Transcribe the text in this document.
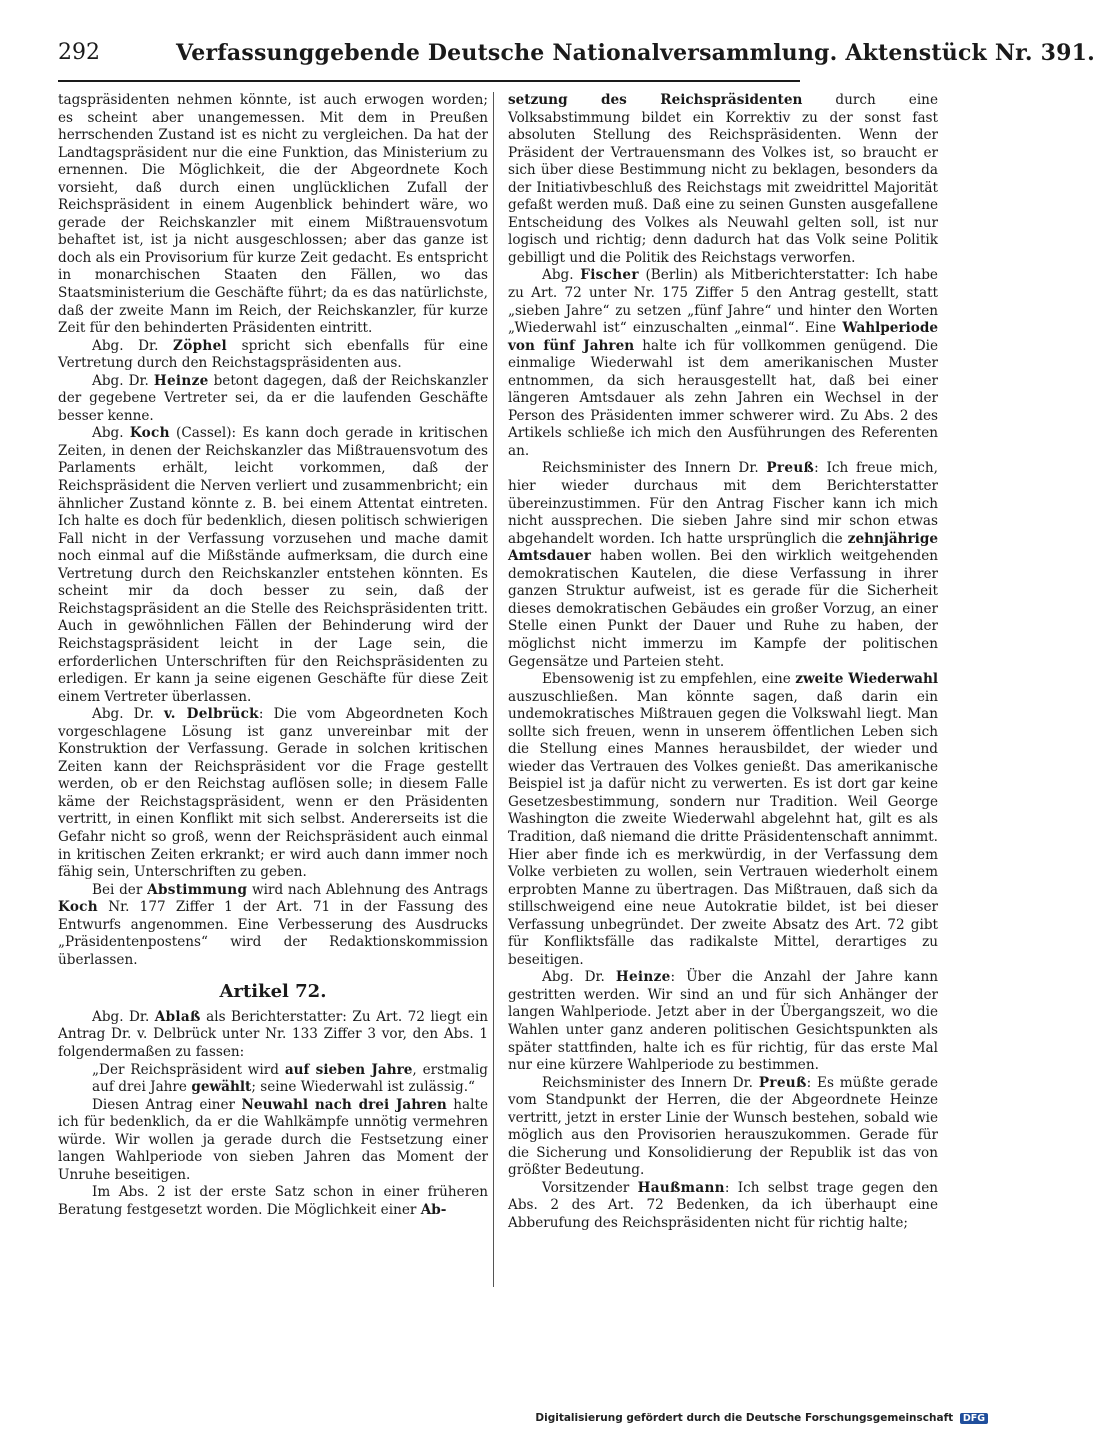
292	Verfassunggebende Deutsche Nationalversammlung. Aktenstück Nr. 391.

tagspräsidenten nehmen könnte, ist auch erwogen worden; es scheint aber unangemessen. Mit dem in Preußen herrschenden Zustand ist es nicht zu vergleichen. Da hat der Landtagspräsident nur die eine Funktion, das Ministerium zu ernennen. Die Möglichkeit, die der Abgeordnete Koch vorsieht, daß durch einen unglücklichen Zufall der Reichspräsident in einem Augenblick behindert wäre, wo gerade der Reichskanzler mit einem Mißtrauensvotum behaftet ist, ist ja nicht ausgeschlossen; aber das ganze ist doch als ein Provisorium für kurze Zeit gedacht. Es entspricht in monarchischen Staaten den Fällen, wo das Staatsministerium die Geschäfte führt; da es das natürlichste, daß der zweite Mann im Reich, der Reichskanzler, für kurze Zeit für den behinderten Präsidenten eintritt.

Abg. Dr. Zöphel spricht sich ebenfalls für eine Vertretung durch den Reichstagspräsidenten aus.

Abg. Dr. Heinze betont dagegen, daß der Reichskanzler der gegebene Vertreter sei, da er die laufenden Geschäfte besser kenne.

Abg. Koch (Cassel): Es kann doch gerade in kritischen Zeiten, in denen der Reichskanzler das Mißtrauensvotum des Parlaments erhält, leicht vorkommen, daß der Reichspräsident die Nerven verliert und zusammenbricht; ein ähnlicher Zustand könnte z. B. bei einem Attentat eintreten. Ich halte es doch für bedenklich, diesen politisch schwierigen Fall nicht in der Verfassung vorzusehen und mache damit noch einmal auf die Mißstände aufmerksam, die durch eine Vertretung durch den Reichskanzler entstehen könnten. Es scheint mir da doch besser zu sein, daß der Reichstagspräsident an die Stelle des Reichspräsidenten tritt. Auch in gewöhnlichen Fällen der Behinderung wird der Reichstagspräsident leicht in der Lage sein, die erforderlichen Unterschriften für den Reichspräsidenten zu erledigen. Er kann ja seine eigenen Geschäfte für diese Zeit einem Vertreter überlassen.

Abg. Dr. v. Delbrück: Die vom Abgeordneten Koch vorgeschlagene Lösung ist ganz unvereinbar mit der Konstruktion der Verfassung. Gerade in solchen kritischen Zeiten kann der Reichspräsident vor die Frage gestellt werden, ob er den Reichstag auflösen solle; in diesem Falle käme der Reichstagspräsident, wenn er den Präsidenten vertritt, in einen Konflikt mit sich selbst. Andererseits ist die Gefahr nicht so groß, wenn der Reichspräsident auch einmal in kritischen Zeiten erkrankt; er wird auch dann immer noch fähig sein, Unterschriften zu geben.

Bei der Abstimmung wird nach Ablehnung des Antrags Koch Nr. 177 Ziffer 1 der Art. 71 in der Fassung des Entwurfs angenommen. Eine Verbesserung des Ausdrucks „Präsidentenpostens“ wird der Redaktionskommission überlassen.

Artikel 72.

Abg. Dr. Ablaß als Berichterstatter: Zu Art. 72 liegt ein Antrag Dr. v. Delbrück unter Nr. 133 Ziffer 3 vor, den Abs. 1 folgendermaßen zu fassen:

„Der Reichspräsident wird auf sieben Jahre, erstmalig auf drei Jahre gewählt; seine Wiederwahl ist zulässig.“

Diesen Antrag einer Neuwahl nach drei Jahren halte ich für bedenklich, da er die Wahlkämpfe unnötig vermehren würde. Wir wollen ja gerade durch die Festsetzung einer langen Wahlperiode von sieben Jahren das Moment der Unruhe beseitigen.

Im Abs. 2 ist der erste Satz schon in einer früheren Beratung festgesetzt worden. Die Möglichkeit einer Ab-

setzung des Reichspräsidenten durch eine Volksabstimmung bildet ein Korrektiv zu der sonst fast absoluten Stellung des Reichspräsidenten. Wenn der Präsident der Vertrauensmann des Volkes ist, so braucht er sich über diese Bestimmung nicht zu beklagen, besonders da der Initiativbeschluß des Reichstags mit zweidrittel Majorität gefaßt werden muß. Daß eine zu seinen Gunsten ausgefallene Entscheidung des Volkes als Neuwahl gelten soll, ist nur logisch und richtig; denn dadurch hat das Volk seine Politik gebilligt und die Politik des Reichstags verworfen.

Abg. Fischer (Berlin) als Mitberichterstatter: Ich habe zu Art. 72 unter Nr. 175 Ziffer 5 den Antrag gestellt, statt „sieben Jahre“ zu setzen „fünf Jahre“ und hinter den Worten „Wiederwahl ist“ einzuschalten „einmal“. Eine Wahlperiode von fünf Jahren halte ich für vollkommen genügend. Die einmalige Wiederwahl ist dem amerikanischen Muster entnommen, da sich herausgestellt hat, daß bei einer längeren Amtsdauer als zehn Jahren ein Wechsel in der Person des Präsidenten immer schwerer wird. Zu Abs. 2 des Artikels schließe ich mich den Ausführungen des Referenten an.

Reichsminister des Innern Dr. Preuß: Ich freue mich, hier wieder durchaus mit dem Berichterstatter übereinzustimmen. Für den Antrag Fischer kann ich mich nicht aussprechen. Die sieben Jahre sind mir schon etwas abgehandelt worden. Ich hatte ursprünglich die zehnjährige Amtsdauer haben wollen. Bei den wirklich weitgehenden demokratischen Kautelen, die diese Verfassung in ihrer ganzen Struktur aufweist, ist es gerade für die Sicherheit dieses demokratischen Gebäudes ein großer Vorzug, an einer Stelle einen Punkt der Dauer und Ruhe zu haben, der möglichst nicht immerzu im Kampfe der politischen Gegensätze und Parteien steht.

Ebensowenig ist zu empfehlen, eine zweite Wiederwahl auszuschließen. Man könnte sagen, daß darin ein undemokratisches Mißtrauen gegen die Volkswahl liegt. Man sollte sich freuen, wenn in unserem öffentlichen Leben sich die Stellung eines Mannes herausbildet, der wieder und wieder das Vertrauen des Volkes genießt. Das amerikanische Beispiel ist ja dafür nicht zu verwerten. Es ist dort gar keine Gesetzesbestimmung, sondern nur Tradition. Weil George Washington die zweite Wiederwahl abgelehnt hat, gilt es als Tradition, daß niemand die dritte Präsidentenschaft annimmt. Hier aber finde ich es merkwürdig, in der Verfassung dem Volke verbieten zu wollen, sein Vertrauen wiederholt einem erprobten Manne zu übertragen. Das Mißtrauen, daß sich da stillschweigend eine neue Autokratie bildet, ist bei dieser Verfassung unbegründet. Der zweite Absatz des Art. 72 gibt für Konfliktsfälle das radikalste Mittel, derartiges zu beseitigen.

Abg. Dr. Heinze: Über die Anzahl der Jahre kann gestritten werden. Wir sind an und für sich Anhänger der langen Wahlperiode. Jetzt aber in der Übergangszeit, wo die Wahlen unter ganz anderen politischen Gesichtspunkten als später stattfinden, halte ich es für richtig, für das erste Mal nur eine kürzere Wahlperiode zu bestimmen.

Reichsminister des Innern Dr. Preuß: Es müßte gerade vom Standpunkt der Herren, die der Abgeordnete Heinze vertritt, jetzt in erster Linie der Wunsch bestehen, sobald wie möglich aus den Provisorien herauszukommen. Gerade für die Sicherung und Konsolidierung der Republik ist das von größter Bedeutung.

Vorsitzender Haußmann: Ich selbst trage gegen den Abs. 2 des Art. 72 Bedenken, da ich überhaupt eine Abberufung des Reichspräsidenten nicht für richtig halte;

Digitalisierung gefördert durch die Deutsche Forschungsgemeinschaft DFG
